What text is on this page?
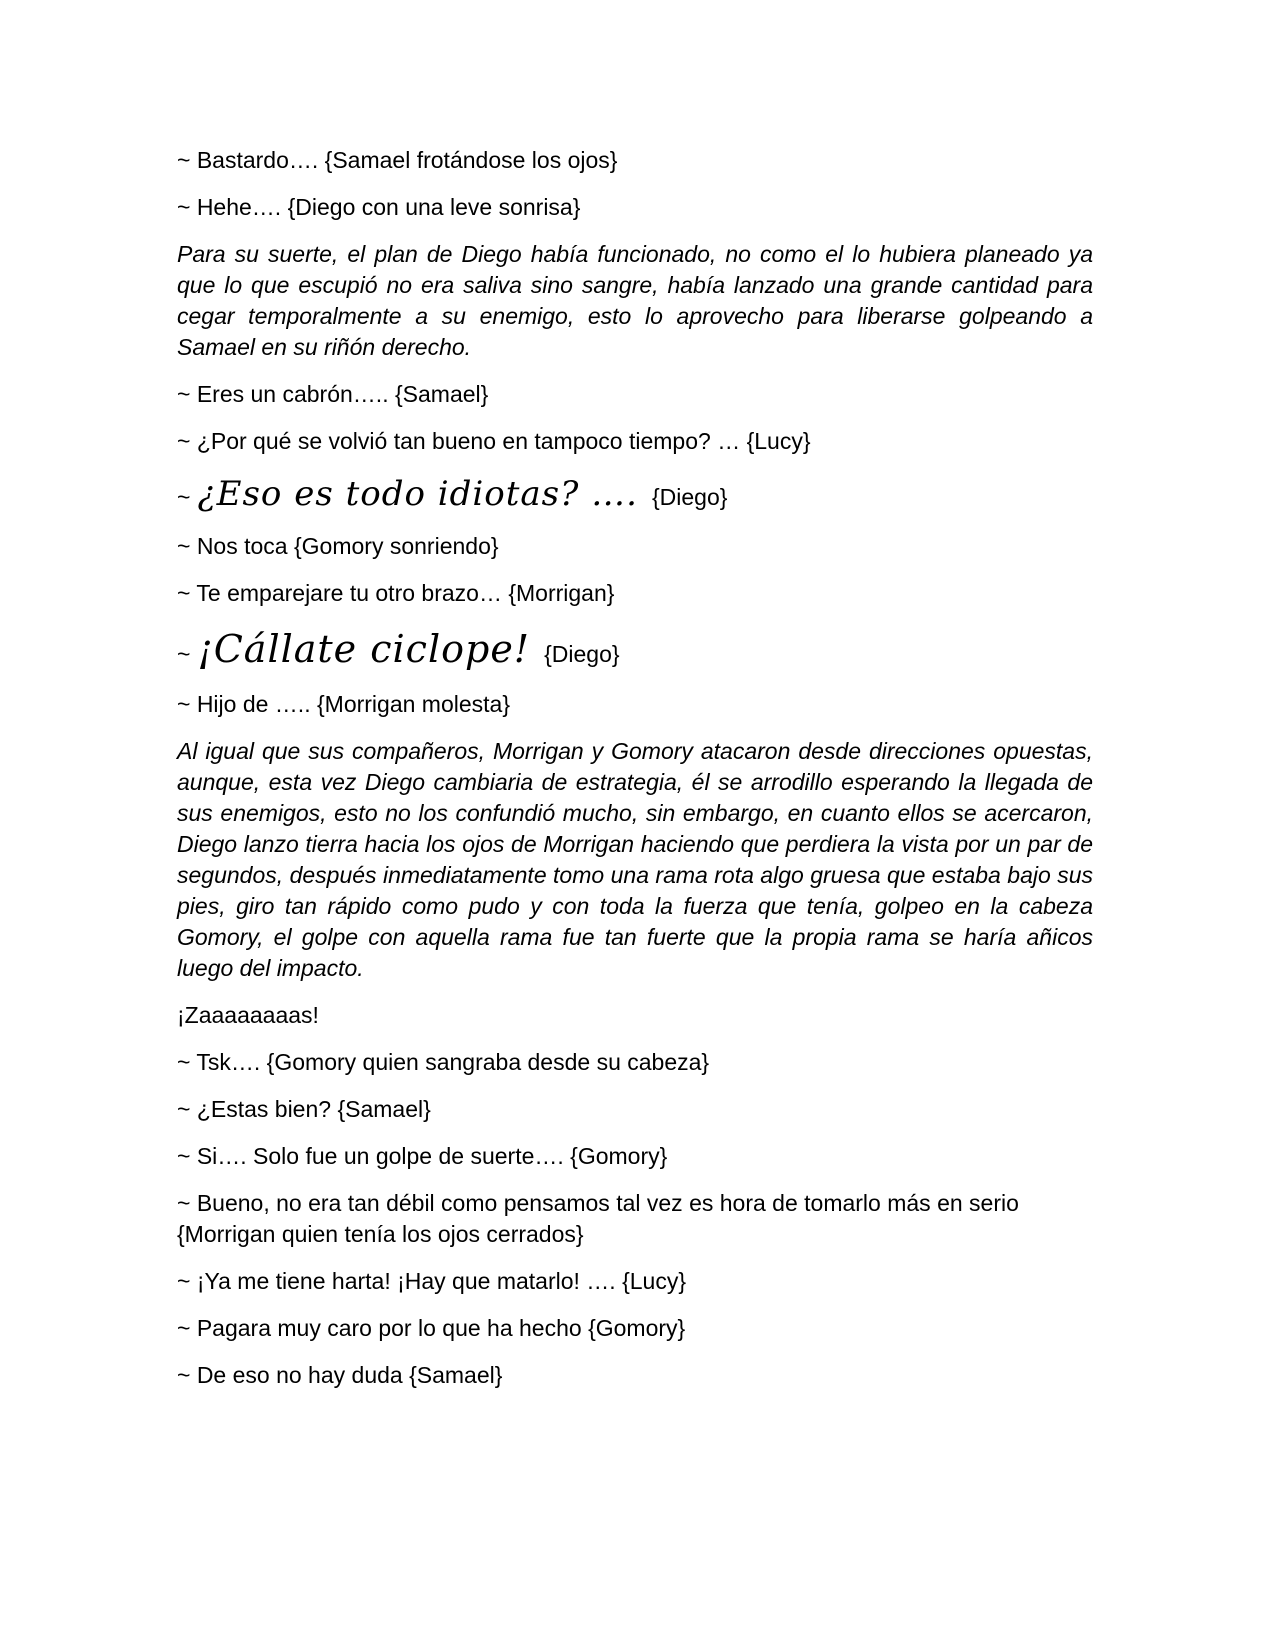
~ Bastardo…. {Samael frotándose los ojos}

~ Hehe…. {Diego con una leve sonrisa}

Para su suerte, el plan de Diego había funcionado, no como el lo hubiera planeado ya que lo que escupió no era saliva sino sangre, había lanzado una grande cantidad para cegar temporalmente a su enemigo, esto lo aprovecho para liberarse golpeando a Samael en su riñón derecho.

~ Eres un cabrón….. {Samael}

~ ¿Por qué se volvió tan bueno en tampoco tiempo? … {Lucy}

~ ¿Eso es todo idiotas? …. {Diego}

~ Nos toca {Gomory sonriendo}

~ Te emparejare tu otro brazo… {Morrigan}

~ ¡Cállate ciclope! {Diego}

~ Hijo de ….. {Morrigan molesta}

Al igual que sus compañeros, Morrigan y Gomory atacaron desde direcciones opuestas, aunque, esta vez Diego cambiaria de estrategia, él se arrodillo esperando la llegada de sus enemigos, esto no los confundió mucho, sin embargo, en cuanto ellos se acercaron, Diego lanzo tierra hacia los ojos de Morrigan haciendo que perdiera la vista por un par de segundos, después inmediatamente tomo una rama rota algo gruesa que estaba bajo sus pies, giro tan rápido como pudo y con toda la fuerza que tenía, golpeo en la cabeza Gomory, el golpe con aquella rama fue tan fuerte que la propia rama se haría añicos luego del impacto.

¡Zaaaaaaaas!

~ Tsk…. {Gomory quien sangraba desde su cabeza}

~ ¿Estas bien? {Samael}

~ Si…. Solo fue un golpe de suerte…. {Gomory}

~ Bueno, no era tan débil como pensamos tal vez es hora de tomarlo más en serio {Morrigan quien tenía los ojos cerrados}

~ ¡Ya me tiene harta! ¡Hay que matarlo! …. {Lucy}

~ Pagara muy caro por lo que ha hecho {Gomory}

~ De eso no hay duda {Samael}
